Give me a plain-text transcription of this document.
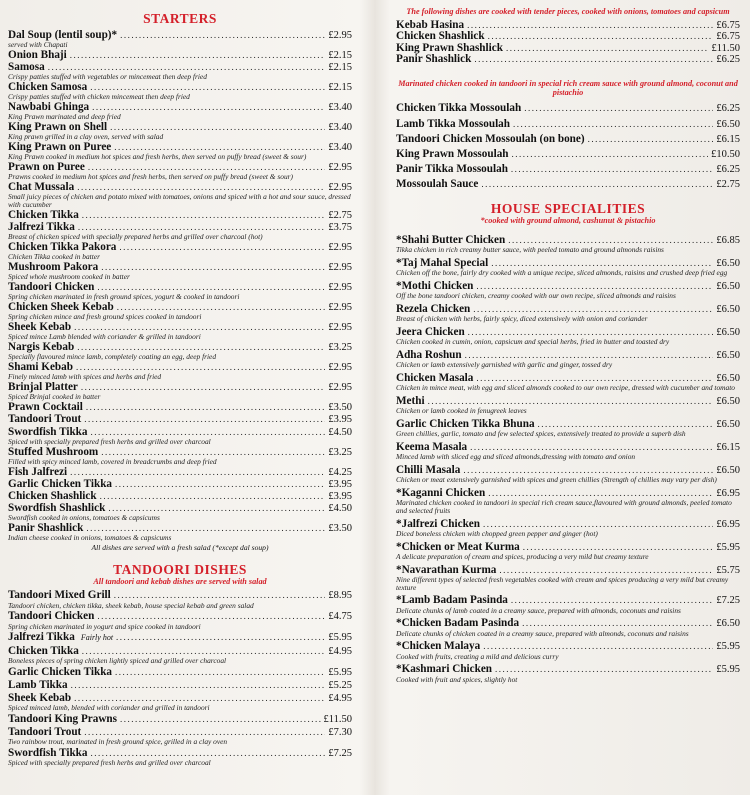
STARTERS
Dal Soup (lentil soup)* .....	£2.95
served with Chapati
Onion Bhaji .....	£2.15
Samosa .....	£2.15
Crispy patties stuffed with vegetables or mincemeat then deep fried
Chicken Samosa .....	£2.15
Crispy patties stuffed with chicken mincemeat then deep fried
Nawbabi Ghinga .....	£3.40
King Prawn marinated and deep fried
King Prawn on Shell .....	£3.40
King prawn grilled in a clay oven, served with salad
King Prawn on Puree .....	£3.40
King Prawn cooked in medium hot spices and fresh herbs, then served on puffy bread (sweet & sour)
Prawn on Puree .....	£2.95
Prawns cooked in medium hot spices and fresh herbs, then served on puffy bread (sweet & sour)
Chat Mussala .....	£2.95
Small juicy pieces of chicken and potato mixed with tomatoes, onions and spiced with a hot and sour sauce, dressed with cucumber
Chicken Tikka .....	£2.75
Jalfrezi Tikka .....	£3.75
Breast of chicken spiced with specially prepared herbs and grilled over charcoal (hot)
Chicken Tikka Pakora .....	£2.95
Chicken Tikka cooked in batter
Mushroom Pakora .....	£2.95
Spiced whole mushroom cooked in batter
Tandoori Chicken .....	£2.95
Spring chicken marinated in fresh ground spices, yogurt & cooked in tandoori
Chicken Sheek Kebab .....	£2.95
Spring chicken mince and fresh ground spices cooked in tandoori
Sheek Kebab .....	£2.95
Spiced mince Lamb blended with coriander & grilled in tandoori
Nargis Kebab .....	£3.25
Specially flavoured mince lamb, completely coating an egg, deep fried
Shami Kebab .....	£2.95
Finely minced lamb with spices and herbs and fried
Brinjal Platter .....	£2.95
Spiced Brinjal cooked in batter
Prawn Cocktail .....	£3.50
Tandoori Trout .....	£3.95
Swordfish Tikka .....	£4.50
Spiced with specially prepared fresh herbs and grilled over charcoal
Stuffed Mushroom .....	£3.25
Filled with spicy minced lamb, covered in breadcrumbs and deep fried
Fish Jalfrezi .....	£4.25
Garlic Chicken Tikka .....	£3.95
Chicken Shashlick .....	£3.95
Swordfish Shashlick .....	£4.50
Swordfish cooked in onions, tomatoes & capsicums
Panir Shashlick .....	£3.50
Indian cheese cooked in onions, tomatoes & capsicums
All dishes are served with a fresh salad (*except dal soup)
TANDOORI DISHES
All tandoori and kebab dishes are served with salad
Tandoori Mixed Grill .....	£8.95
Tandoori chicken, chicken tikka, sheek kebab, house special kebab and green salad
Tandoori Chicken .....	£4.75
Spring chicken marinated in yogurt and spice cooked in tandoori
Jalfrezi Tikka Fairly hot .....	£5.95
Chicken Tikka .....	£4.95
Boneless pieces of spring chicken lightly spiced and grilled over charcoal
Garlic Chicken Tikka .....	£5.95
Lamb Tikka .....	£5.25
Sheek Kebab .....	£4.95
Spiced minced lamb, blended with coriander and grilled in tandoori
Tandoori King Prawns .....	£11.50
Tandoori Trout .....	£7.30
Two rainbow trout, marinated in fresh ground spice, grilled in a clay oven
Swordfish Tikka .....	£7.25
Spiced with specially prepared fresh herbs and grilled over charcoal
The following dishes are cooked with tender pieces, cooked with onions, tomatoes and capsicum
Kebab Hasina .....	£6.75
Chicken Shashlick .....	£6.75
King Prawn Shashlick .....	£11.50
Panir Shashlick .....	£6.25
Marinated chicken cooked in tandoori in special rich cream sauce with ground almond, coconut and pistachio
Chicken Tikka Mossoulah .....	£6.25
Lamb Tikka Mossoulah .....	£6.50
Tandoori Chicken Mossoulah (on bone) .....	£6.15
King Prawn Mossoulah .....	£10.50
Panir Tikka Mossoulah .....	£6.25
Mossoulah Sauce .....	£2.75
HOUSE SPECIALITIES
*cooked with ground almond, cashunut & pistachio
*Shahi Butter Chicken .....	£6.85
Tikka chicken in rich creamy butter sauce, with peeled tomato and ground almonds raisins
*Taj Mahal Special .....	£6.50
Chicken off the bone, fairly dry cooked with a unique recipe, sliced almonds, raisins and crushed deep fried egg
*Mothi Chicken .....	£6.50
Off the bone tandoori chicken, creamy cooked with our own recipe, sliced almonds and raisins
Rezela Chicken .....	£6.50
Breast of chicken with herbs, fairly spicy, diced extensively with onion and coriander
Jeera Chicken .....	£6.50
Chicken cooked in cumin, onion, capsicum and special herbs, fried in butter and toasted dry
Adha Roshun .....	£6.50
Chicken or lamb extensively garnished with garlic and ginger, tossed dry
Chicken Masala .....	£6.50
Chicken in mince meat, with egg and sliced almonds cooked to our own recipe, dressed with cucumber and tomato
Methi .....	£6.50
Chicken or lamb cooked in fenugreek leaves
Garlic Chicken Tikka Bhuna .....	£6.50
Green chillies, garlic, tomato and few selected spices, extensively treated to provide a superb dish
Keema Masala .....	£6.15
Minced lamb with sliced egg and sliced almonds,dressing with tomato and onion
Chilli Masala .....	£6.50
Chicken or meat extensively garnished with spices and green chillies (Strength of chillies may vary per dish)
*Kaganni Chicken .....	£6.95
Marinated chicken cooked in tandoori in special rich cream sauce,flavoured with ground almonds, peeled tomato and selected fruits
*Jalfrezi Chicken .....	£6.95
Diced boneless chicken with chopped green pepper and ginger (hot)
*Chicken or Meat Kurma .....	£5.95
A delicate preparation of cream and spices, producing a very mild but creamy texture
*Navarathan Kurma .....	£5.75
Nine different types of selected fresh vegetables cooked with cream and spices producing a very mild but creamy texture
*Lamb Badam Pasinda .....	£7.25
Delicate chunks of lamb coated in a creamy sauce, prepared with almonds, coconuts and raisins
*Chicken Badam Pasinda .....	£6.50
Delicate chunks of chicken coated in a creamy sauce, prepared with almonds, coconuts and raisins
*Chicken Malaya .....	£5.95
Cooked with fruits, creating a mild and delicious curry
*Kashmari Chicken .....	£5.95
Cooked with fruit and spices, slightly hot
